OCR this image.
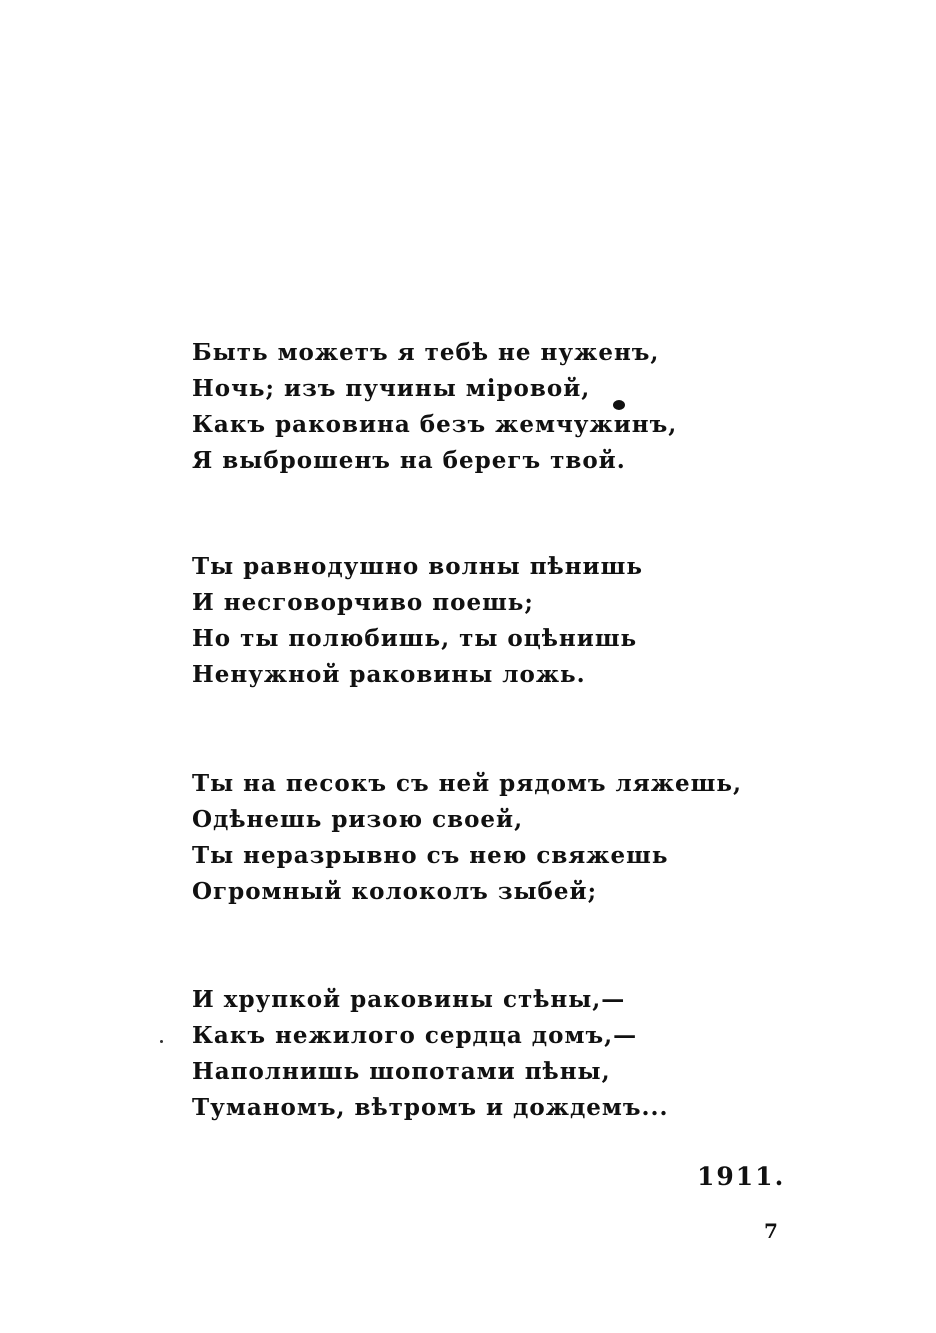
Быть можетъ я тебѣ не нуженъ,
Ночь; изъ пучины міровой,
Какъ раковина безъ жемчужинъ,
Я выброшенъ на берегъ твой.
Ты равнодушно волны пѣнишь
И несговорчиво поешь;
Но ты полюбишь, ты оцѣнишь
Ненужной раковины ложь.
Ты на песокъ съ ней рядомъ ляжешь,
Одѣнешь ризою своей,
Ты неразрывно съ нею свяжешь
Огромный колоколъ зыбей;
И хрупкой раковины стѣны,—
Какъ нежилого сердца домъ,—
Наполнишь шопотами пѣны,
Туманомъ, вѣтромъ и дождемъ...
1911.
7
